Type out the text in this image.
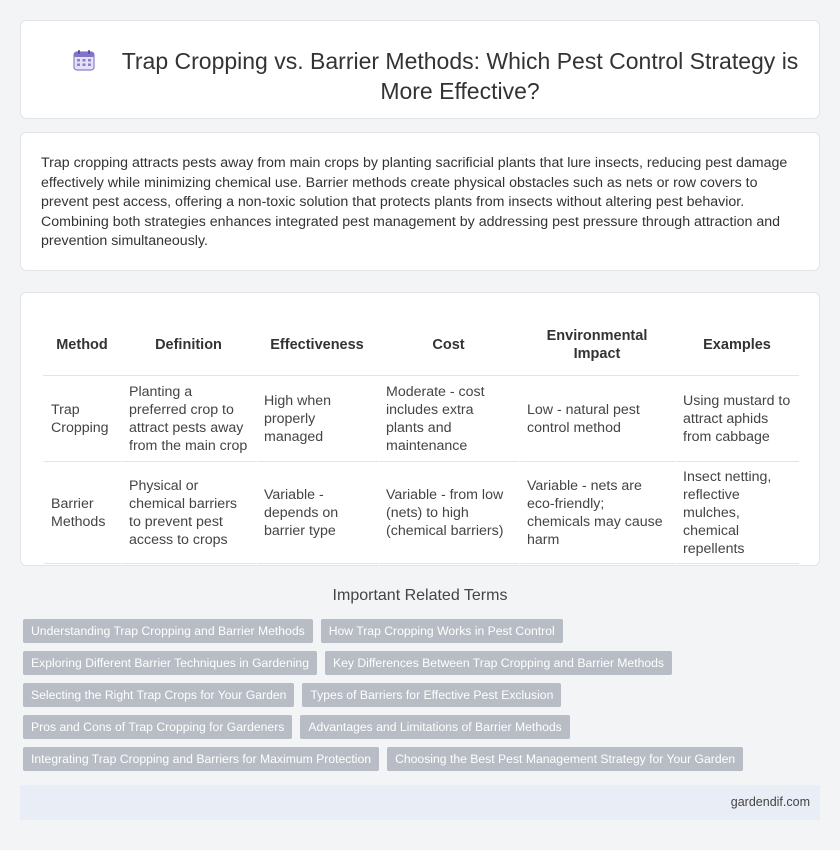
Trap Cropping vs. Barrier Methods: Which Pest Control Strategy is More Effective?

Trap cropping attracts pests away from main crops by planting sacrificial plants that lure insects, reducing pest damage effectively while minimizing chemical use. Barrier methods create physical obstacles such as nets or row covers to prevent pest access, offering a non-toxic solution that protects plants from insects without altering pest behavior. Combining both strategies enhances integrated pest management by addressing pest pressure through attraction and prevention simultaneously.

Method	Definition	Effectiveness	Cost	Environmental Impact	Examples
Trap Cropping	Planting a preferred crop to attract pests away from the main crop	High when properly managed	Moderate - cost includes extra plants and maintenance	Low - natural pest control method	Using mustard to attract aphids from cabbage
Barrier Methods	Physical or chemical barriers to prevent pest access to crops	Variable - depends on barrier type	Variable - from low (nets) to high (chemical barriers)	Variable - nets are eco-friendly; chemicals may cause harm	Insect netting, reflective mulches, chemical repellents
Important Related Terms
Understanding Trap Cropping and Barrier Methods	How Trap Cropping Works in Pest Control
Exploring Different Barrier Techniques in Gardening	Key Differences Between Trap Cropping and Barrier Methods
Selecting the Right Trap Crops for Your Garden	Types of Barriers for Effective Pest Exclusion
Pros and Cons of Trap Cropping for Gardeners	Advantages and Limitations of Barrier Methods
Integrating Trap Cropping and Barriers for Maximum Protection	Choosing the Best Pest Management Strategy for Your Garden
gardendif.com
